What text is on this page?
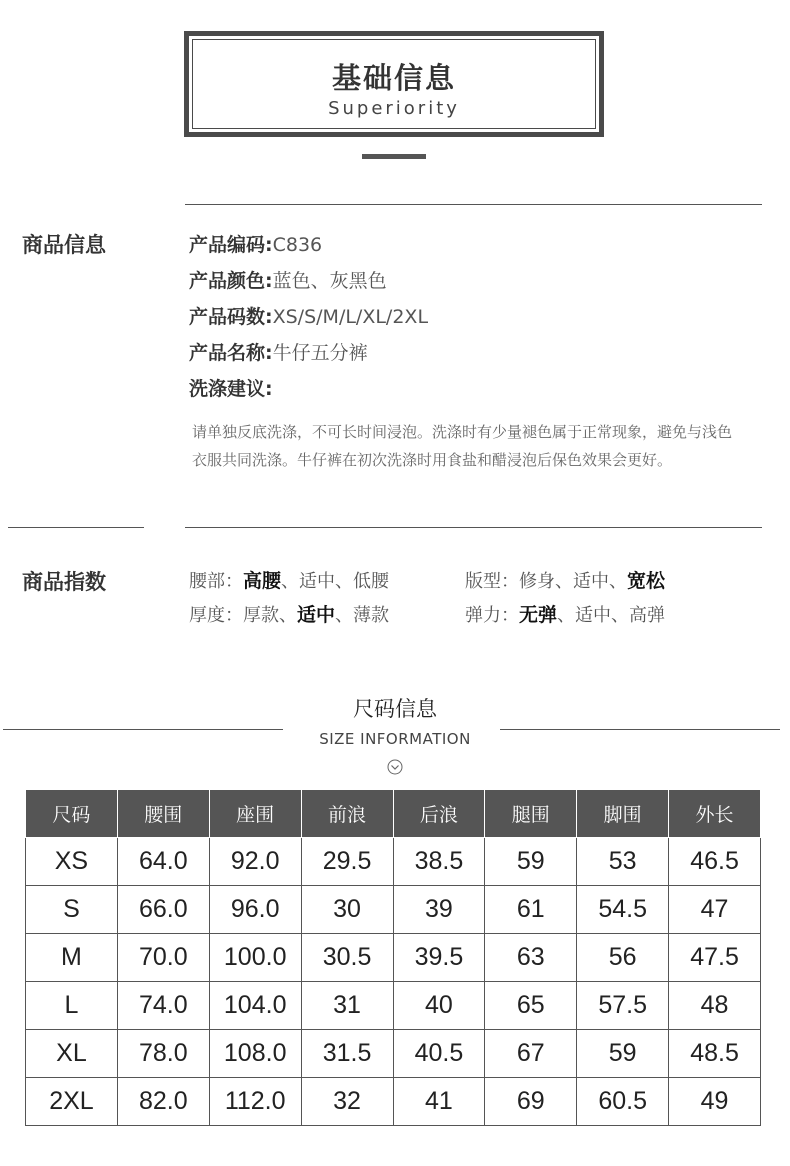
基础信息
Superiority
商品信息	产品编码:C836
产品颜色:蓝色、灰黑色
产品码数:XS/S/M/L/XL/2XL
产品名称:牛仔五分裤
洗涤建议:
请单独反底洗涤，不可长时间浸泡。洗涤时有少量褪色属于正常现象，避免与浅色衣服共同洗涤。牛仔裤在初次洗涤时用食盐和醋浸泡后保色效果会更好。
商品指数	腰部：高腰、适中、低腰	版型：修身、适中、宽松
厚度：厚款、适中、薄款	弹力：无弹、适中、高弹
尺码信息
SIZE INFORMATION
尺码	腰围	座围	前浪	后浪	腿围	脚围	外长
XS	64.0	92.0	29.5	38.5	59	53	46.5
S	66.0	96.0	30	39	61	54.5	47
M	70.0	100.0	30.5	39.5	63	56	47.5
L	74.0	104.0	31	40	65	57.5	48
XL	78.0	108.0	31.5	40.5	67	59	48.5
2XL	82.0	112.0	32	41	69	60.5	49
